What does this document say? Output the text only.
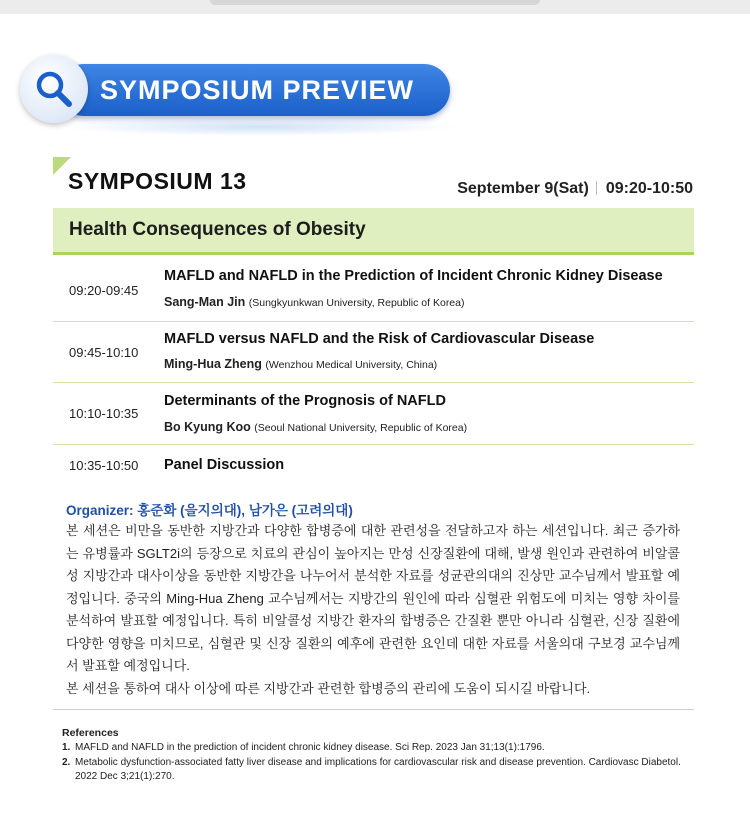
SYMPOSIUM PREVIEW
SYMPOSIUM 13	September 9(Sat) 09:20-10:50
Health Consequences of Obesity
09:20-09:45
MAFLD and NAFLD in the Prediction of Incident Chronic Kidney Disease
Sang-Man Jin (Sungkyunkwan University, Republic of Korea)
09:45-10:10
MAFLD versus NAFLD and the Risk of Cardiovascular Disease
Ming-Hua Zheng (Wenzhou Medical University, China)
10:10-10:35
Determinants of the Prognosis of NAFLD
Bo Kyung Koo (Seoul National University, Republic of Korea)
10:35-10:50 Panel Discussion
Organizer: 홍준화 (을지의대), 남가은 (고려의대)

본 세션은 비만을 동반한 지방간과 다양한 합병증에 대한 관련성을 전달하고자 하는 세션입니다. 최근 증가하는 유병률과 SGLT2i의 등장으로 치료의 관심이 높아지는 만성 신장질환에 대해, 발생 원인과 관련하여 비알콜성 지방간과 대사이상을 동반한 지방간을 나누어서 분석한 자료를 성균관의대의 진상만 교수님께서 발표할 예정입니다. 중국의 Ming-Hua Zheng 교수님께서는 지방간의 원인에 따라 심혈관 위험도에 미치는 영향 차이를 분석하여 발표할 예정입니다. 특히 비알콜성 지방간 환자의 합병증은 간질환 뿐만 아니라 심혈관, 신장 질환에 다양한 영향을 미치므로, 심혈관 및 신장 질환의 예후에 관련한 요인데 대한 자료를 서울의대 구보경 교수님께서 발표할 예정입니다.

본 세션을 통하여 대사 이상에 따른 지방간과 관련한 합병증의 관리에 도움이 되시길 바랍니다.

References
1. MAFLD and NAFLD in the prediction of incident chronic kidney disease. Sci Rep. 2023 Jan 31;13(1):1796.
2. Metabolic dysfunction-associated fatty liver disease and implications for cardiovascular risk and disease prevention. Cardiovasc Diabetol. 2022 Dec 3;21(1):270.
